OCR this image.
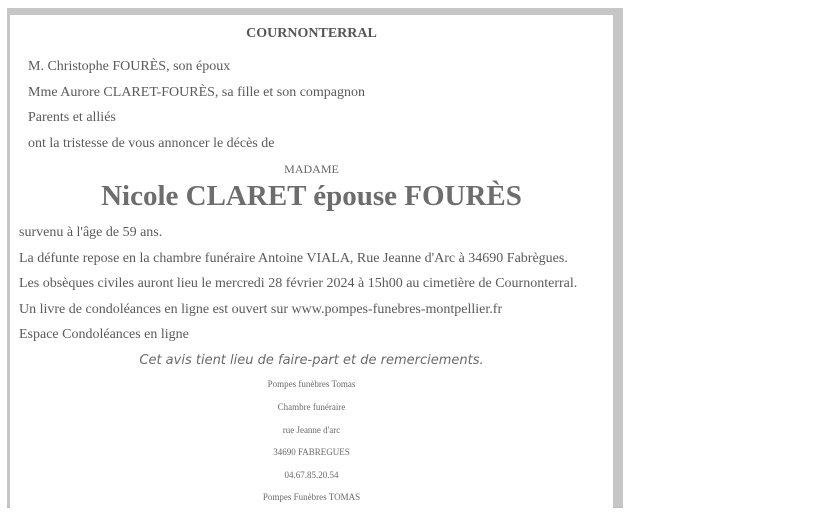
COURNONTERRAL
M. Christophe FOURÈS, son époux
Mme Aurore CLARET-FOURÈS, sa fille et son compagnon
Parents et alliés
ont la tristesse de vous annoncer le décès de
MADAME
Nicole CLARET épouse FOURÈS
survenu à l'âge de 59 ans.
La défunte repose en la chambre funéraire Antoine VIALA, Rue Jeanne d'Arc à 34690 Fabrègues.
Les obsèques civiles auront lieu le mercredi 28 février 2024 à 15h00 au cimetière de Cournonterral.
Un livre de condoléances en ligne est ouvert sur www.pompes-funebres-montpellier.fr
Espace Condoléances en ligne
Cet avis tient lieu de faire-part et de remerciements.
Pompes funèbres Tomas
Chambre funéraire
rue Jeanne d'arc
34690 FABREGUES
04.67.85.20.54
Pompes Funèbres TOMAS
